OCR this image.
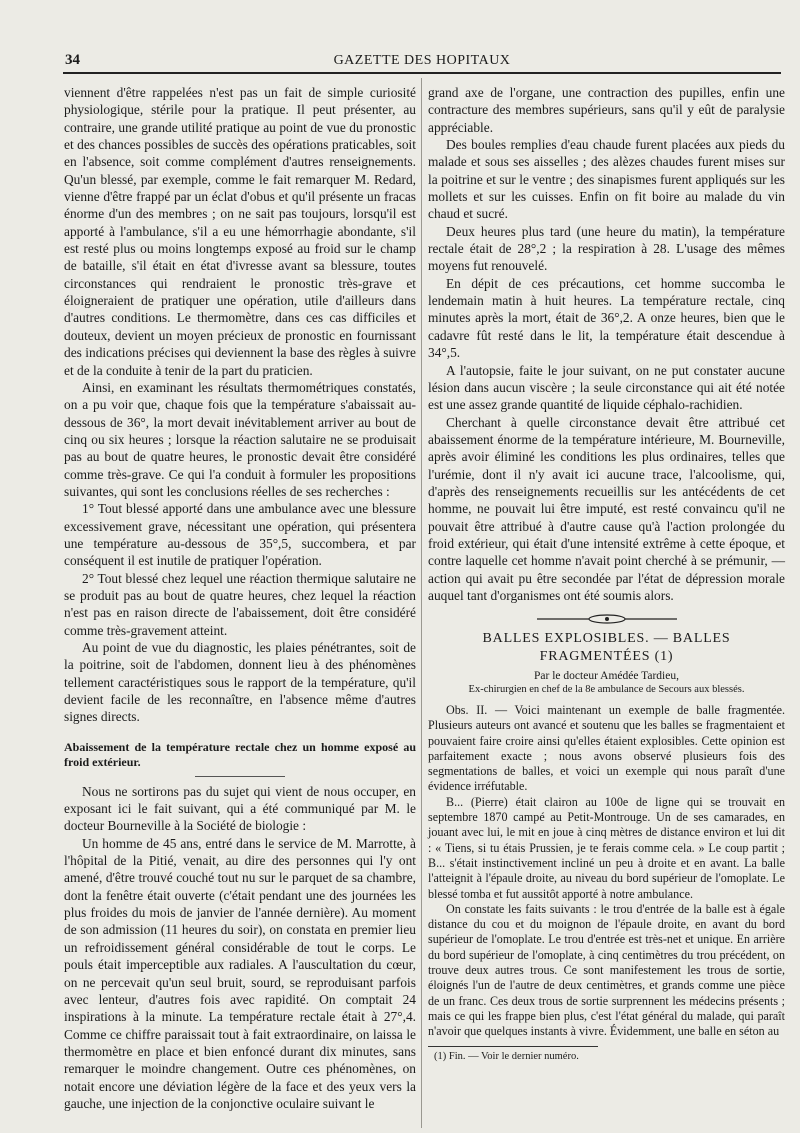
34	GAZETTE DES HOPITAUX

viennent d'être rappelées n'est pas un fait de simple curiosité physiologique, stérile pour la pratique. Il peut présenter, au contraire, une grande utilité pratique au point de vue du pronostic et des chances possibles de succès des opérations praticables, soit en l'absence, soit comme complément d'autres renseignements. Qu'un blessé, par exemple, comme le fait remarquer M. Redard, vienne d'être frappé par un éclat d'obus et qu'il présente un fracas énorme d'un des membres ; on ne sait pas toujours, lorsqu'il est apporté à l'ambulance, s'il a eu une hémorrhagie abondante, s'il est resté plus ou moins longtemps exposé au froid sur le champ de bataille, s'il était en état d'ivresse avant sa blessure, toutes circonstances qui rendraient le pronostic très-grave et éloigneraient de pratiquer une opération, utile d'ailleurs dans d'autres conditions. Le thermomètre, dans ces cas difficiles et douteux, devient un moyen précieux de pronostic en fournissant des indications précises qui deviennent la base des règles à suivre et de la conduite à tenir de la part du praticien.

Ainsi, en examinant les résultats thermométriques constatés, on a pu voir que, chaque fois que la température s'abaissait au-dessous de 36°, la mort devait inévitablement arriver au bout de cinq ou six heures ; lorsque la réaction salutaire ne se produisait pas au bout de quatre heures, le pronostic devait être considéré comme très-grave. Ce qui l'a conduit à formuler les propositions suivantes, qui sont les conclusions réelles de ses recherches :

1° Tout blessé apporté dans une ambulance avec une blessure excessivement grave, nécessitant une opération, qui présentera une température au-dessous de 35°,5, succombera, et par conséquent il est inutile de pratiquer l'opération.

2° Tout blessé chez lequel une réaction thermique salutaire ne se produit pas au bout de quatre heures, chez lequel la réaction n'est pas en raison directe de l'abaissement, doit être considéré comme très-gravement atteint.

Au point de vue du diagnostic, les plaies pénétrantes, soit de la poitrine, soit de l'abdomen, donnent lieu à des phénomènes tellement caractéristiques sous le rapport de la température, qu'il devient facile de les reconnaître, en l'absence même d'autres signes directs.

Abaissement de la température rectale chez un homme exposé au froid extérieur.

Nous ne sortirons pas du sujet qui vient de nous occuper, en exposant ici le fait suivant, qui a été communiqué par M. le docteur Bourneville à la Société de biologie :

Un homme de 45 ans, entré dans le service de M. Marrotte, à l'hôpital de la Pitié, venait, au dire des personnes qui l'y ont amené, d'être trouvé couché tout nu sur le parquet de sa chambre, dont la fenêtre était ouverte (c'était pendant une des journées les plus froides du mois de janvier de l'année dernière). Au moment de son admission (11 heures du soir), on constata en premier lieu un refroidissement général considérable de tout le corps. Le pouls était imperceptible aux radiales. A l'auscultation du cœur, on ne percevait qu'un seul bruit, sourd, se reproduisant parfois avec lenteur, d'autres fois avec rapidité. On comptait 24 inspirations à la minute. La température rectale était à 27°,4. Comme ce chiffre paraissait tout à fait extraordinaire, on laissa le thermomètre en place et bien enfoncé durant dix minutes, sans remarquer le moindre changement. Outre ces phénomènes, on notait encore une déviation légère de la face et des yeux vers la gauche, une injection de la conjonctive oculaire suivant le

grand axe de l'organe, une contraction des pupilles, enfin une contracture des membres supérieurs, sans qu'il y eût de paralysie appréciable.

Des boules remplies d'eau chaude furent placées aux pieds du malade et sous ses aisselles ; des alèzes chaudes furent mises sur la poitrine et sur le ventre ; des sinapismes furent appliqués sur les mollets et sur les cuisses. Enfin on fit boire au malade du vin chaud et sucré.

Deux heures plus tard (une heure du matin), la température rectale était de 28°,2 ; la respiration à 28. L'usage des mêmes moyens fut renouvelé.

En dépit de ces précautions, cet homme succomba le lendemain matin à huit heures. La température rectale, cinq minutes après la mort, était de 36°,2. A onze heures, bien que le cadavre fût resté dans le lit, la température était descendue à 34°,5.

A l'autopsie, faite le jour suivant, on ne put constater aucune lésion dans aucun viscère ; la seule circonstance qui ait été notée est une assez grande quantité de liquide céphalo-rachidien.

Cherchant à quelle circonstance devait être attribué cet abaissement énorme de la température intérieure, M. Bourneville, après avoir éliminé les conditions les plus ordinaires, telles que l'urémie, dont il n'y avait ici aucune trace, l'alcoolisme, qui, d'après des renseignements recueillis sur les antécédents de cet homme, ne pouvait lui être imputé, est resté convaincu qu'il ne pouvait être attribué à d'autre cause qu'à l'action prolongée du froid extérieur, qui était d'une intensité extrême à cette époque, et contre laquelle cet homme n'avait point cherché à se prémunir, — action qui avait pu être secondée par l'état de dépression morale auquel tant d'organismes ont été soumis alors.

BALLES EXPLOSIBLES. — BALLES FRAGMENTÉES (1)
Par le docteur Amédée Tardieu,
Ex-chirurgien en chef de la 8e ambulance de Secours aux blessés.

Obs. II. — Voici maintenant un exemple de balle fragmentée. Plusieurs auteurs ont avancé et soutenu que les balles se fragmentaient et pouvaient faire croire ainsi qu'elles étaient explosibles. Cette opinion est parfaitement exacte ; nous avons observé plusieurs fois des segmentations de balles, et voici un exemple qui nous paraît d'une évidence irréfutable.

B... (Pierre) était clairon au 100e de ligne qui se trouvait en septembre 1870 campé au Petit-Montrouge. Un de ses camarades, en jouant avec lui, le mit en joue à cinq mètres de distance environ et lui dit : « Tiens, si tu étais Prussien, je te ferais comme cela. » Le coup partit ; B... s'était instinctivement incliné un peu à droite et en avant. La balle l'atteignit à l'épaule droite, au niveau du bord supérieur de l'omoplate. Le blessé tomba et fut aussitôt apporté à notre ambulance.

On constate les faits suivants : le trou d'entrée de la balle est à égale distance du cou et du moignon de l'épaule droite, en avant du bord supérieur de l'omoplate. Le trou d'entrée est très-net et unique. En arrière du bord supérieur de l'omoplate, à cinq centimètres du trou précédent, on trouve deux autres trous. Ce sont manifestement les trous de sortie, éloignés l'un de l'autre de deux centimètres, et grands comme une pièce de un franc. Ces deux trous de sortie surprennent les médecins présents ; mais ce qui les frappe bien plus, c'est l'état général du malade, qui paraît n'avoir que quelques instants à vivre. Évidemment, une balle en séton au

(1) Fin. — Voir le dernier numéro.
